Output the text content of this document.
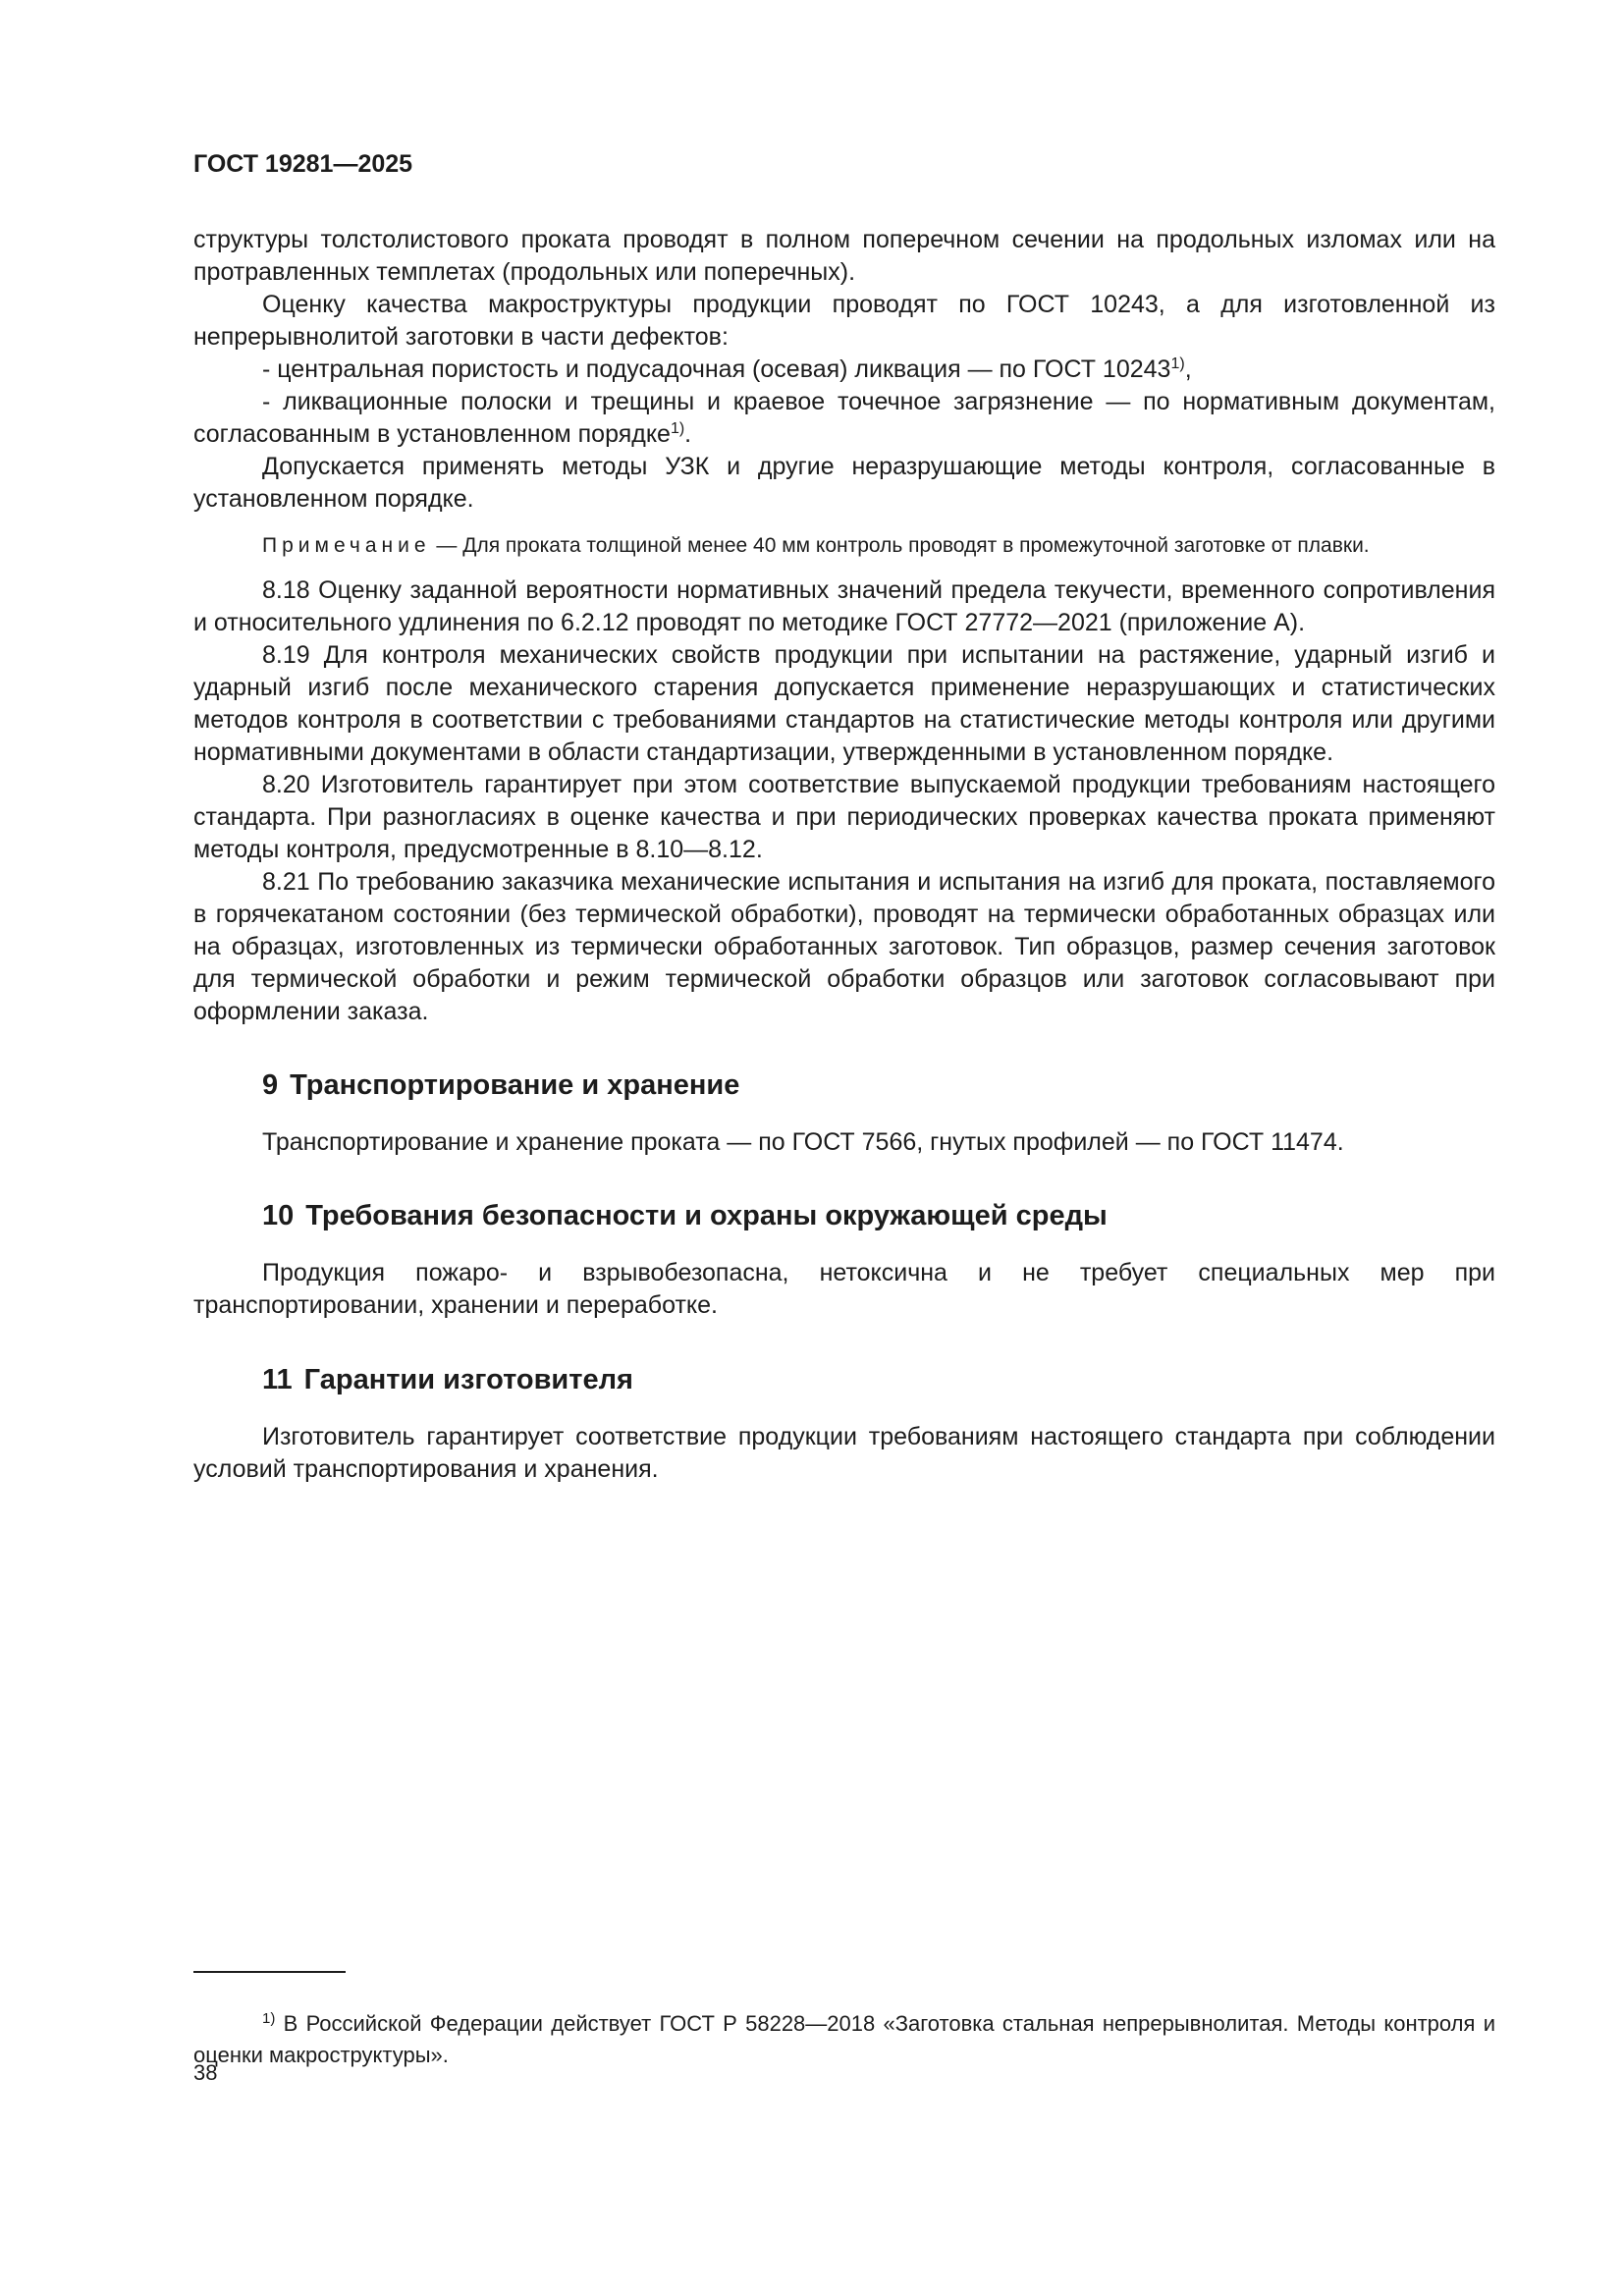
ГОСТ 19281—2025

структуры толстолистового проката проводят в полном поперечном сечении на продольных изломах или на протравленных темплетах (продольных или поперечных).

Оценку качества макроструктуры продукции проводят по ГОСТ 10243, а для изготовленной из непрерывнолитой заготовки в части дефектов:

- центральная пористость и подусадочная (осевая) ликвация — по ГОСТ 10243$^{1)}$,

- ликвационные полоски и трещины и краевое точечное загрязнение — по нормативным документам, согласованным в установленном порядке$^{1)}$.

Допускается применять методы УЗК и другие неразрушающие методы контроля, согласованные в установленном порядке.

Примечание — Для проката толщиной менее 40 мм контроль проводят в промежуточной заготовке от плавки.

8.18 Оценку заданной вероятности нормативных значений предела текучести, временного сопротивления и относительного удлинения по 6.2.12 проводят по методике ГОСТ 27772—2021 (приложение А).

8.19 Для контроля механических свойств продукции при испытании на растяжение, ударный изгиб и ударный изгиб после механического старения допускается применение неразрушающих и статистических методов контроля в соответствии с требованиями стандартов на статистические методы контроля или другими нормативными документами в области стандартизации, утвержденными в установленном порядке.

8.20 Изготовитель гарантирует при этом соответствие выпускаемой продукции требованиям настоящего стандарта. При разногласиях в оценке качества и при периодических проверках качества проката применяют методы контроля, предусмотренные в 8.10—8.12.

8.21 По требованию заказчика механические испытания и испытания на изгиб для проката, поставляемого в горячекатаном состоянии (без термической обработки), проводят на термически обработанных образцах или на образцах, изготовленных из термически обработанных заготовок. Тип образцов, размер сечения заготовок для термической обработки и режим термической обработки образцов или заготовок согласовывают при оформлении заказа.

9 Транспортирование и хранение

Транспортирование и хранение проката — по ГОСТ 7566, гнутых профилей — по ГОСТ 11474.

10 Требования безопасности и охраны окружающей среды

Продукция пожаро- и взрывобезопасна, нетоксична и не требует специальных мер при транспортировании, хранении и переработке.

11 Гарантии изготовителя

Изготовитель гарантирует соответствие продукции требованиям настоящего стандарта при соблюдении условий транспортирования и хранения.

$^{1)}$ В Российской Федерации действует ГОСТ Р 58228—2018 «Заготовка стальная непрерывнолитая. Методы контроля и оценки макроструктуры».

38
